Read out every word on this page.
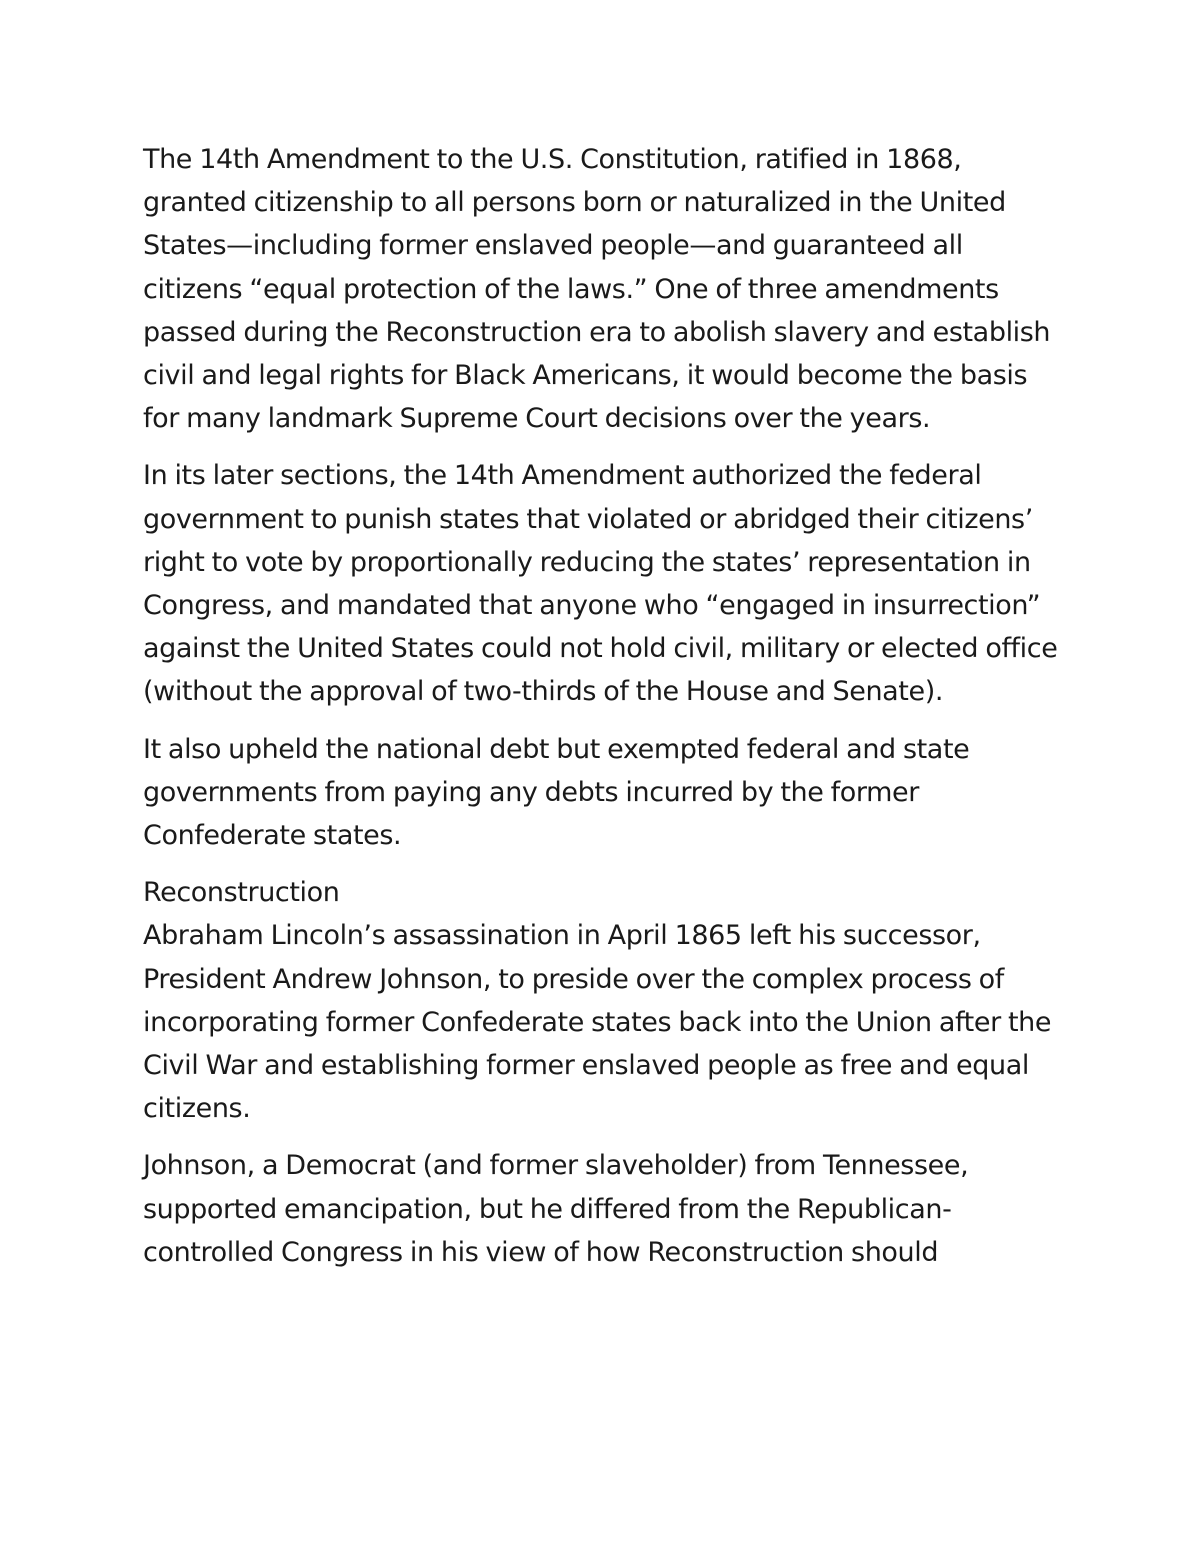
The 14th Amendment to the U.S. Constitution, ratified in 1868, granted citizenship to all persons born or naturalized in the United States—including former enslaved people—and guaranteed all citizens “equal protection of the laws.” One of three amendments passed during the Reconstruction era to abolish slavery and establish civil and legal rights for Black Americans, it would become the basis for many landmark Supreme Court decisions over the years.

In its later sections, the 14th Amendment authorized the federal government to punish states that violated or abridged their citizens’ right to vote by proportionally reducing the states’ representation in Congress, and mandated that anyone who “engaged in insurrection” against the United States could not hold civil, military or elected office (without the approval of two-thirds of the House and Senate).

It also upheld the national debt but exempted federal and state governments from paying any debts incurred by the former Confederate states.

Reconstruction

Abraham Lincoln’s assassination in April 1865 left his successor, President Andrew Johnson, to preside over the complex process of incorporating former Confederate states back into the Union after the Civil War and establishing former enslaved people as free and equal citizens.

Johnson, a Democrat (and former slaveholder) from Tennessee, supported emancipation, but he differed from the Republican-controlled Congress in his view of how Reconstruction should
